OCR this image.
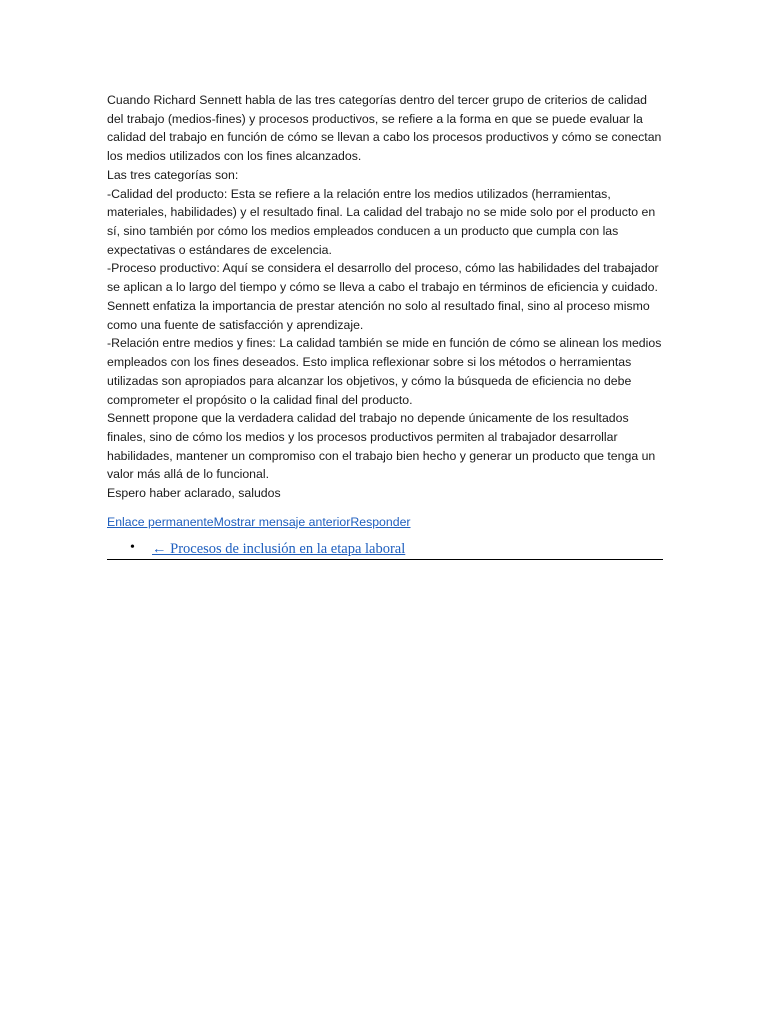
Cuando Richard Sennett habla de las tres categorías dentro del tercer grupo de criterios de calidad del trabajo (medios-fines) y procesos productivos, se refiere a la forma en que se puede evaluar la calidad del trabajo en función de cómo se llevan a cabo los procesos productivos y cómo se conectan los medios utilizados con los fines alcanzados.

Las tres categorías son:

-Calidad del producto: Esta se refiere a la relación entre los medios utilizados (herramientas, materiales, habilidades) y el resultado final. La calidad del trabajo no se mide solo por el producto en sí, sino también por cómo los medios empleados conducen a un producto que cumpla con las expectativas o estándares de excelencia.

-Proceso productivo: Aquí se considera el desarrollo del proceso, cómo las habilidades del trabajador se aplican a lo largo del tiempo y cómo se lleva a cabo el trabajo en términos de eficiencia y cuidado. Sennett enfatiza la importancia de prestar atención no solo al resultado final, sino al proceso mismo como una fuente de satisfacción y aprendizaje.

-Relación entre medios y fines: La calidad también se mide en función de cómo se alinean los medios empleados con los fines deseados. Esto implica reflexionar sobre si los métodos o herramientas utilizadas son apropiados para alcanzar los objetivos, y cómo la búsqueda de eficiencia no debe comprometer el propósito o la calidad final del producto.

Sennett propone que la verdadera calidad del trabajo no depende únicamente de los resultados finales, sino de cómo los medios y los procesos productivos permiten al trabajador desarrollar habilidades, mantener un compromiso con el trabajo bien hecho y generar un producto que tenga un valor más allá de lo funcional.

Espero haber aclarado, saludos

Enlace permanenteMostrar mensaje anteriorResponder
• ← Procesos de inclusión en la etapa laboral
